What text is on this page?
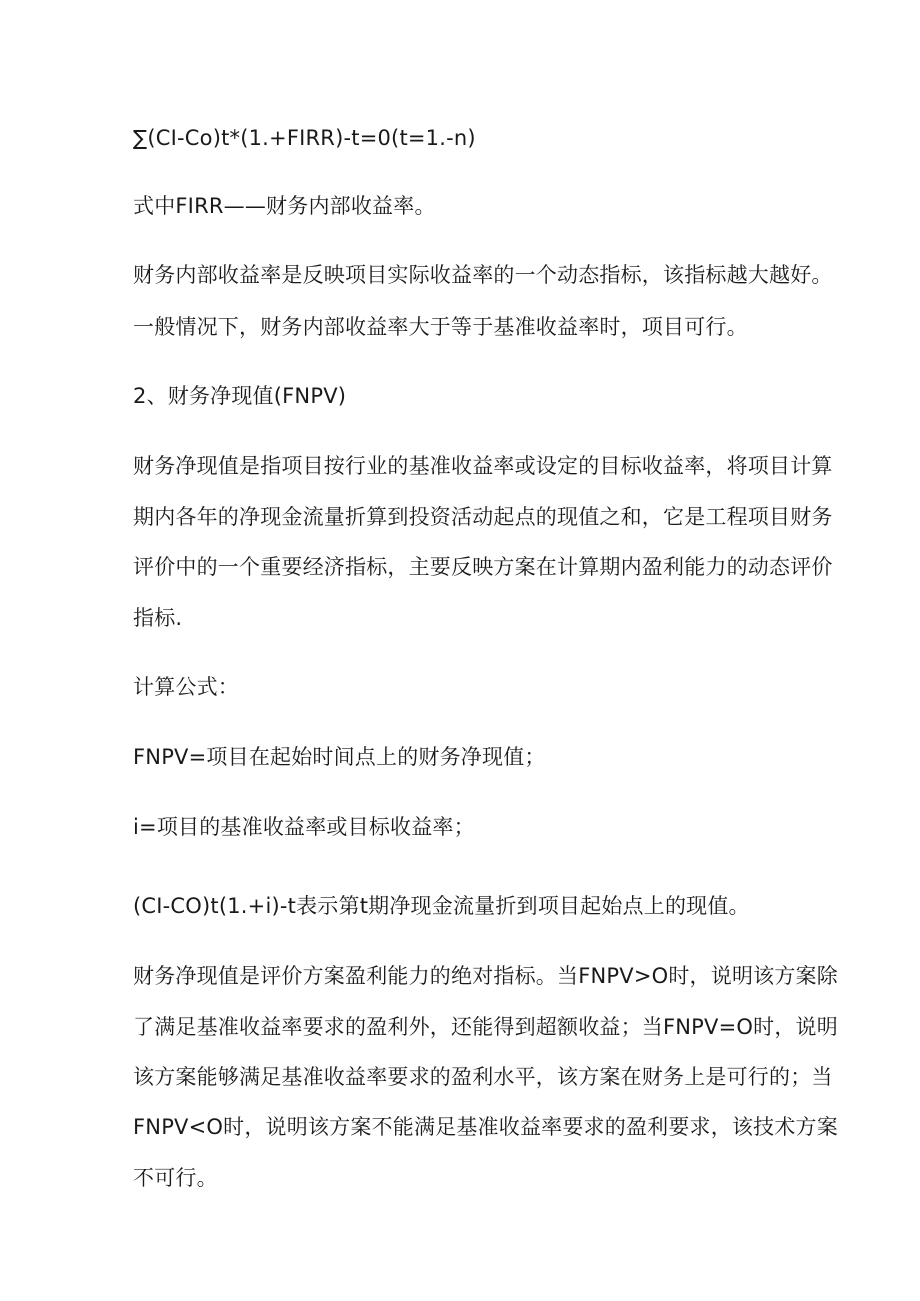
∑(CI-Co)t*(1.+FIRR)-t=0(t=1.-n)
式中FIRR——财务内部收益率。
财务内部收益率是反映项目实际收益率的一个动态指标，该指标越大越好。
一般情况下，财务内部收益率大于等于基准收益率时，项目可行。
2、财务净现值(FNPV)
财务净现值是指项目按行业的基准收益率或设定的目标收益率，将项目计算
期内各年的净现金流量折算到投资活动起点的现值之和，它是工程项目财务
评价中的一个重要经济指标，主要反映方案在计算期内盈利能力的动态评价
指标.
计算公式：
FNPV=项目在起始时间点上的财务净现值；
i=项目的基准收益率或目标收益率；
(CI-CO)t(1.+i)-t表示第t期净现金流量折到项目起始点上的现值。
财务净现值是评价方案盈利能力的绝对指标。当FNPV>O时，说明该方案除
了满足基准收益率要求的盈利外，还能得到超额收益；当FNPV=O时，说明
该方案能够满足基准收益率要求的盈利水平，该方案在财务上是可行的；当
FNPV<O时，说明该方案不能满足基准收益率要求的盈利要求，该技术方案
不可行。
